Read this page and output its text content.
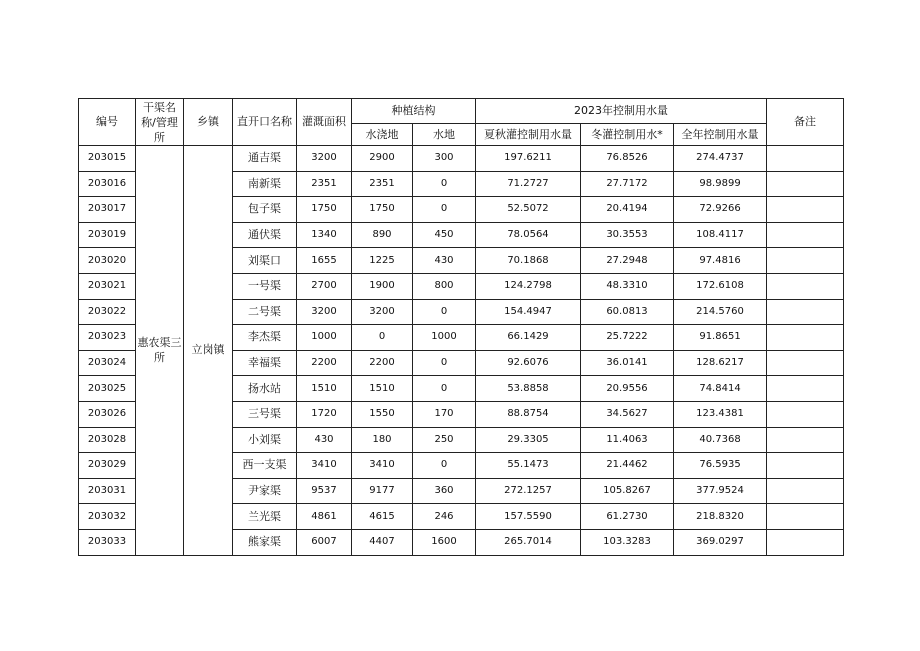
编号	干渠名称/管理所	乡镇	直开口名称	灌溉面积	种植结构		2023年控制用水量			备注
					水浇地	水地	夏秋灌控制用水量	冬灌控制用水*	全年控制用水量	
203015	惠农渠三所	立岗镇	通吉渠	3200	2900	300	197.6211	76.8526	274.4737	
203016			南新渠	2351	2351	0	71.2727	27.7172	98.9899	
203017			包子渠	1750	1750	0	52.5072	20.4194	72.9266	
203019			通伏渠	1340	890	450	78.0564	30.3553	108.4117	
203020			刘渠口	1655	1225	430	70.1868	27.2948	97.4816	
203021			一号渠	2700	1900	800	124.2798	48.3310	172.6108	
203022			二号渠	3200	3200	0	154.4947	60.0813	214.5760	
203023			李杰渠	1000	0	1000	66.1429	25.7222	91.8651	
203024			幸福渠	2200	2200	0	92.6076	36.0141	128.6217	
203025			扬水站	1510	1510	0	53.8858	20.9556	74.8414	
203026			三号渠	1720	1550	170	88.8754	34.5627	123.4381	
203028			小刘渠	430	180	250	29.3305	11.4063	40.7368	
203029			西一支渠	3410	3410	0	55.1473	21.4462	76.5935	
203031			尹家渠	9537	9177	360	272.1257	105.8267	377.9524	
203032			兰光渠	4861	4615	246	157.5590	61.2730	218.8320	
203033			熊家渠	6007	4407	1600	265.7014	103.3283	369.0297	
